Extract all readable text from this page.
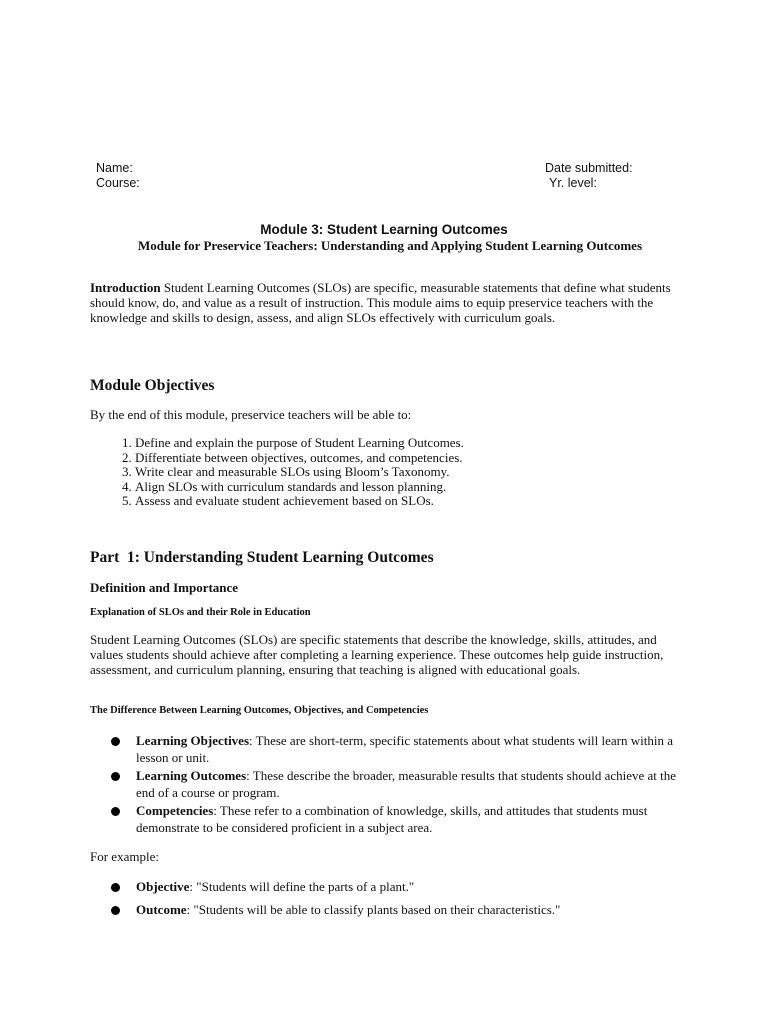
Name:
Course:
Date submitted:
Yr. level:
Module 3: Student Learning Outcomes
Module for Preservice Teachers: Understanding and Applying Student Learning Outcomes
Introduction Student Learning Outcomes (SLOs) are specific, measurable statements that define what students should know, do, and value as a result of instruction. This module aims to equip preservice teachers with the knowledge and skills to design, assess, and align SLOs effectively with curriculum goals.
Module Objectives
By the end of this module, preservice teachers will be able to:
1. Define and explain the purpose of Student Learning Outcomes.
2. Differentiate between objectives, outcomes, and competencies.
3. Write clear and measurable SLOs using Bloom’s Taxonomy.
4. Align SLOs with curriculum standards and lesson planning.
5. Assess and evaluate student achievement based on SLOs.
Part  1: Understanding Student Learning Outcomes
Definition and Importance
Explanation of SLOs and their Role in Education
Student Learning Outcomes (SLOs) are specific statements that describe the knowledge, skills, attitudes, and values students should achieve after completing a learning experience. These outcomes help guide instruction, assessment, and curriculum planning, ensuring that teaching is aligned with educational goals.
The Difference Between Learning Outcomes, Objectives, and Competencies
Learning Objectives: These are short-term, specific statements about what students will learn within a lesson or unit.
Learning Outcomes: These describe the broader, measurable results that students should achieve at the end of a course or program.
Competencies: These refer to a combination of knowledge, skills, and attitudes that students must demonstrate to be considered proficient in a subject area.
For example:
Objective: "Students will define the parts of a plant."
Outcome: "Students will be able to classify plants based on their characteristics."
